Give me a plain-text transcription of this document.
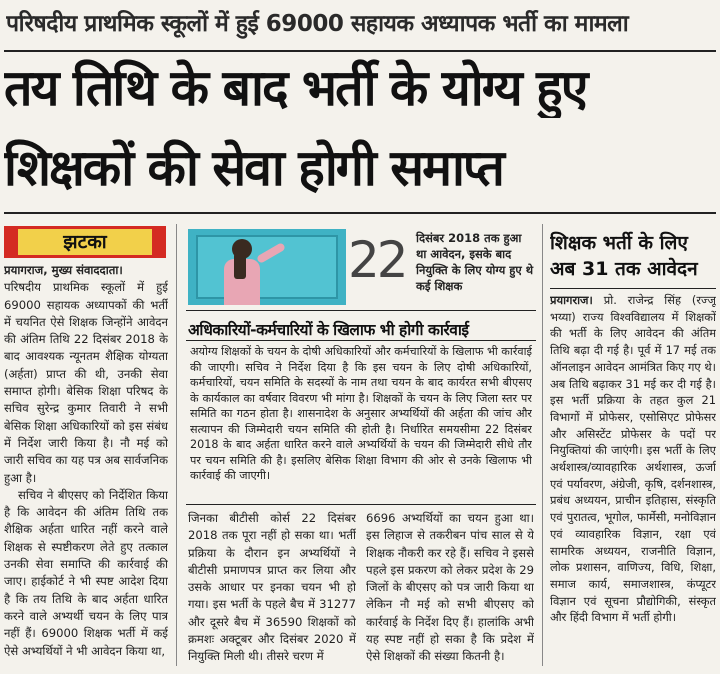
परिषदीय प्राथमिक स्कूलों में हुई 69000 सहायक अध्यापक भर्ती का मामला
तय तिथि के बाद भर्ती के योग्य हुए
शिक्षकों की सेवा होगी समाप्त
झटका
प्रयागराज, मुख्य संवाददाता।
परिषदीय प्राथमिक स्कूलों में हुई 69000 सहायक अध्यापकों की भर्ती में चयनित ऐसे शिक्षक जिन्होंने आवेदन की अंतिम तिथि 22 दिसंबर 2018 के बाद आवश्यक न्यूनतम शैक्षिक योग्यता (अर्हता) प्राप्त की थी, उनकी सेवा समाप्त होगी। बेसिक शिक्षा परिषद के सचिव सुरेन्द्र कुमार तिवारी ने सभी बेसिक शिक्षा अधिकारियों को इस संबंध में निर्देश जारी किया है। नौ मई को जारी सचिव का यह पत्र अब सार्वजनिक हुआ है।
सचिव ने बीएसए को निर्देशित किया है कि आवेदन की अंतिम तिथि तक शैक्षिक अर्हता धारित नहीं करने वाले शिक्षक से स्पष्टीकरण लेते हुए तत्काल उनकी सेवा समाप्ति की कार्रवाई की जाए। हाईकोर्ट ने भी स्पष्ट आदेश दिया है कि तय तिथि के बाद अर्हता धारित करने वाले अभ्यर्थी चयन के लिए पात्र नहीं हैं। 69000 शिक्षक भर्ती में कई ऐसे अभ्यर्थियों ने भी आवेदन किया था,
22 दिसंबर 2018 तक हुआ था आवेदन, इसके बाद नियुक्ति के लिए योग्य हुए थे कई शिक्षक
अधिकारियों-कर्मचारियों के खिलाफ भी होगी कार्रवाई
अयोग्य शिक्षकों के चयन के दोषी अधिकारियों और कर्मचारियों के खिलाफ भी कार्रवाई की जाएगी। सचिव ने निर्देश दिया है कि इस चयन के लिए दोषी अधिकारियों, कर्मचारियों, चयन समिति के सदस्यों के नाम तथा चयन के बाद कार्यरत सभी बीएसए के कार्यकाल का वर्षवार विवरण भी मांगा है। शिक्षकों के चयन के लिए जिला स्तर पर समिति का गठन होता है। शासनादेश के अनुसार अभ्यर्थियों की अर्हता की जांच और सत्यापन की जिम्मेदारी चयन समिति की होती है। निर्धारित समयसीमा 22 दिसंबर 2018 के बाद अर्हता धारित करने वाले अभ्यर्थियों के चयन की जिम्मेदारी सीधे तौर पर चयन समिति की है। इसलिए बेसिक शिक्षा विभाग की ओर से उनके खिलाफ भी कार्रवाई की जाएगी।
जिनका बीटीसी कोर्स 22 दिसंबर 2018 तक पूरा नहीं हो सका था। भर्ती प्रक्रिया के दौरान इन अभ्यर्थियों ने बीटीसी प्रमाणपत्र प्राप्त कर लिया और उसके आधार पर इनका चयन भी हो गया। इस भर्ती के पहले बैच में 31277 और दूसरे बैच में 36590 शिक्षकों को क्रमशः अक्टूबर और दिसंबर 2020 में नियुक्ति मिली थी। तीसरे चरण में
6696 अभ्यर्थियों का चयन हुआ था। इस लिहाज से तकरीबन पांच साल से ये शिक्षक नौकरी कर रहे हैं। सचिव ने इससे पहले इस प्रकरण को लेकर प्रदेश के 29 जिलों के बीएसए को पत्र जारी किया था लेकिन नौ मई को सभी बीएसए को कार्रवाई के निर्देश दिए हैं। हालांकि अभी यह स्पष्ट नहीं हो सका है कि प्रदेश में ऐसे शिक्षकों की संख्या कितनी है।
शिक्षक भर्ती के लिए
अब 31 तक आवेदन
प्रयागराज। प्रो. राजेन्द्र सिंह (रज्जू भय्या) राज्य विश्वविद्यालय में शिक्षकों की भर्ती के लिए आवेदन की अंतिम तिथि बढ़ा दी गई है। पूर्व में 17 मई तक ऑनलाइन आवेदन आमंत्रित किए गए थे। अब तिथि बढ़ाकर 31 मई कर दी गई है। इस भर्ती प्रक्रिया के तहत कुल 21 विभागों में प्रोफेसर, एसोसिएट प्रोफेसर और असिस्टेंट प्रोफेसर के पदों पर नियुक्तियां की जाएंगी। इस भर्ती के लिए अर्थशास्त्र/व्यावहारिक अर्थशास्त्र, ऊर्जा एवं पर्यावरण, अंग्रेजी, कृषि, दर्शनशास्त्र, प्रबंध अध्ययन, प्राचीन इतिहास, संस्कृति एवं पुरातत्व, भूगोल, फार्मेसी, मनोविज्ञान एवं व्यावहारिक विज्ञान, रक्षा एवं सामरिक अध्ययन, राजनीति विज्ञान, लोक प्रशासन, वाणिज्य, विधि, शिक्षा, समाज कार्य, समाजशास्त्र, कंप्यूटर विज्ञान एवं सूचना प्रौद्योगिकी, संस्कृत और हिंदी विभाग में भर्ती होगी।
